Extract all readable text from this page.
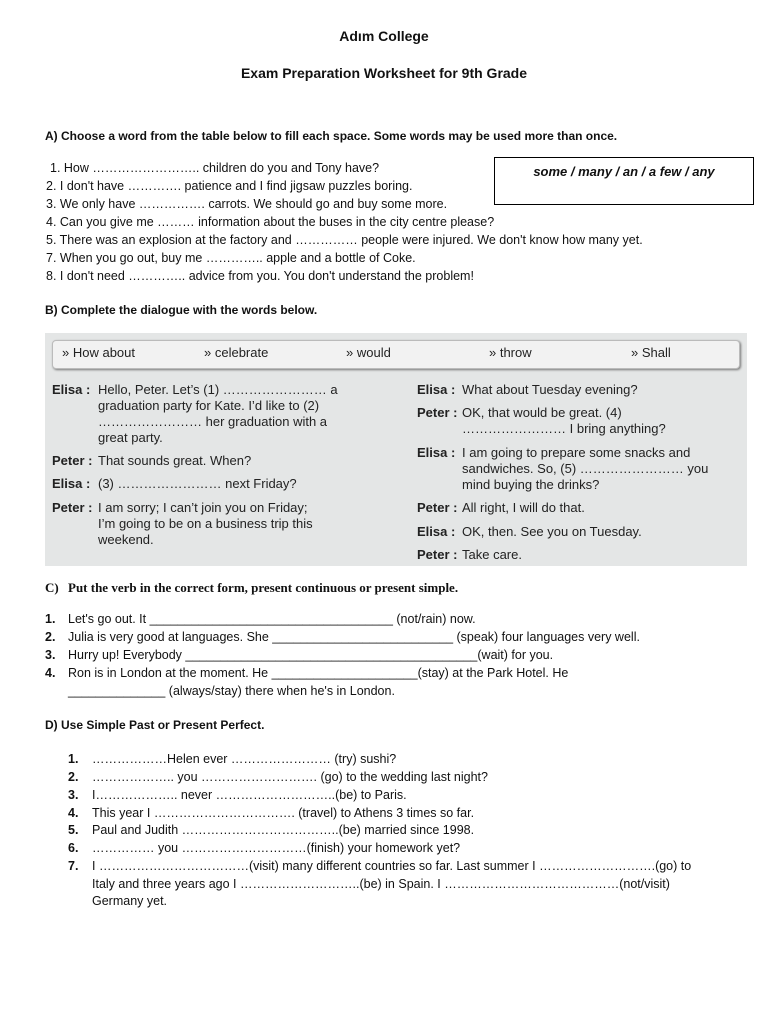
Adım College
Exam Preparation Worksheet for 9th Grade
A) Choose a word from the table below to fill each space. Some words may be used more than once.
some / many / an / a few / any
1. How …………………….. children do you and Tony have?
2. I don't have …………. patience and I find jigsaw puzzles boring.
3. We only have ……………. carrots. We should go and buy some more.
4. Can you give me ……… information about the buses in the city centre please?
5. There was an explosion at the factory and …………… people were injured. We don't know how many yet.
7. When you go out, buy me ………….. apple and a bottle of Coke.
8. I don't need ………….. advice from you. You don't understand the problem!
B) Complete the dialogue with the words below.
» How about	» celebrate	» would	» throw	» Shall
Elisa : Hello, Peter. Let’s (1) …………………… a
graduation party for Kate. I’d like to (2)
…………………… her graduation with a
great party.
Peter : That sounds great. When?
Elisa : (3) …………………… next Friday?
Peter : I am sorry; I can’t join you on Friday;
I’m going to be on a business trip this
weekend.
Elisa : What about Tuesday evening?
Peter : OK, that would be great. (4)
…………………… I bring anything?
Elisa : I am going to prepare some snacks and
sandwiches. So, (5) …………………… you
mind buying the drinks?
Peter : All right, I will do that.
Elisa : OK, then. See you on Tuesday.
Peter : Take care.
C) Put the verb in the correct form, present continuous or present simple.
1. Let's go out. It ___________________________________ (not/rain) now.
2. Julia is very good at languages. She __________________________ (speak) four languages very well.
3. Hurry up! Everybody __________________________________________(wait) for you.
4. Ron is in London at the moment. He _____________________(stay) at the Park Hotel. He
______________ (always/stay) there when he's in London.
D) Use Simple Past or Present Perfect.
1. ………………Helen ever …………………… (try) sushi?
2. ……………….. you ………………………. (go) to the wedding last night?
3. I……………….. never ………………………..(be) to Paris.
4. This year I ……………………………. (travel) to Athens 3 times so far.
5. Paul and Judith ………………………………..(be) married since 1998.
6. …………… you …………………………(finish) your homework yet?
7. I ………………………………(visit) many different countries so far. Last summer I ……………………….(go) to
Italy and three years ago I ………………………..(be) in Spain. I ……………………………………(not/visit)
Germany yet.
